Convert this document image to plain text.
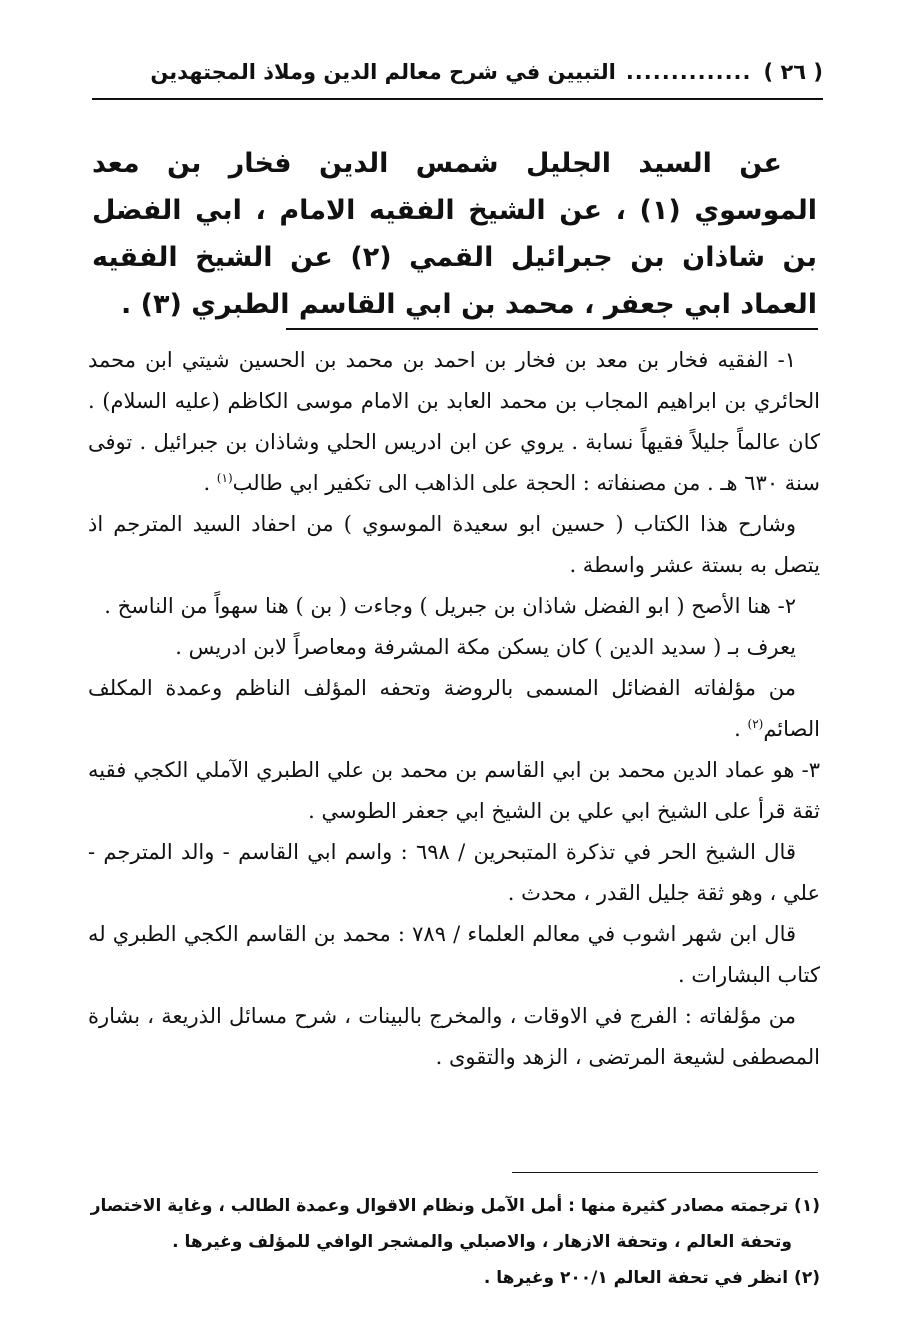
( ٢٦ )
..............
التبيين في شرح معالم الدين وملاذ المجتهدين

عن السيد الجليل شمس الدين فخار بن معد الموسوي (١) ، عن الشيخ الفقيه الامام ، ابي الفضل بن شاذان بن جبرائيل القمي (٢) عن الشيخ الفقيه العماد ابي جعفر ، محمد بن ابي القاسم الطبري (٣) .

١- الفقيه فخار بن معد بن فخار بن احمد بن محمد بن الحسين شيتي ابن محمد الحائري بن ابراهيم المجاب بن محمد العابد بن الامام موسى الكاظم (عليه السلام) . كان عالماً جليلاً فقيهاً نسابة . يروي عن ابن ادريس الحلي وشاذان بن جبرائيل . توفى سنة ٦٣٠ هـ . من مصنفاته : الحجة على الذاهب الى تكفير ابي طالب$^{(١)}$ .

وشارح هذا الكتاب ( حسين ابو سعيدة الموسوي ) من احفاد السيد المترجم اذ يتصل به بستة عشر واسطة .

٢- هنا الأصح ( ابو الفضل شاذان بن جبريل ) وجاءت ( بن ) هنا سهواً من الناسخ .

يعرف بـ ( سديد الدين ) كان يسكن مكة المشرفة ومعاصراً لابن ادريس .

من مؤلفاته الفضائل المسمى بالروضة وتحفه المؤلف الناظم وعمدة المكلف الصائم$^{(٢)}$ .

٣- هو عماد الدين محمد بن ابي القاسم بن محمد بن علي الطبري الآملي الكجي فقيه ثقة قرأ على الشيخ ابي علي بن الشيخ ابي جعفر الطوسي .

قال الشيخ الحر في تذكرة المتبحرين / ٦٩٨ : واسم ابي القاسم - والد المترجم - علي ، وهو ثقة جليل القدر ، محدث .

قال ابن شهر اشوب في معالم العلماء / ٧٨٩ : محمد بن القاسم الكجي الطبري له كتاب البشارات .

من مؤلفاته : الفرج في الاوقات ، والمخرج بالبينات ، شرح مسائل الذريعة ، بشارة المصطفى لشيعة المرتضى ، الزهد والتقوى .

(١) ترجمته مصادر كثيرة منها : أمل الآمل ونظام الاقوال وعمدة الطالب ، وغاية الاختصار

وتحفة العالم ، وتحفة الازهار ، والاصبلي والمشجر الوافي للمؤلف وغيرها .

(٢) انظر في تحفة العالم ٢٠٠/١ وغيرها .
